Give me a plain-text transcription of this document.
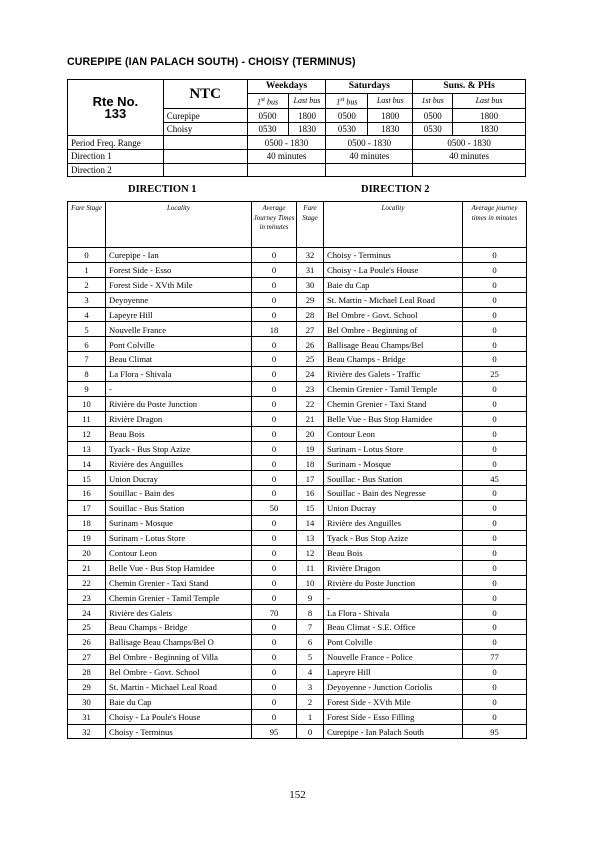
CUREPIPE (IAN PALACH SOUTH) - CHOISY (TERMINUS)
Rte No.
133	NTC	Weekdays		Saturdays		Suns. & PHs	
		1st bus	Last bus	1st bus	Last bus	1st bus	Last bus
	Curepipe	0500	1800	0500	1800	0500	1800
	Choisy	0530	1830	0530	1830	0530	1830
Period Freq. Range		0500 - 1830		0500 - 1830		0500 - 1830	
Direction 1		40 minutes		40 minutes		40 minutes	
Direction 2							
DIRECTION 1	DIRECTION 2
Fare Stage	Locality	Average Journey Times in minutes	Fare Stage	Locality	Average journey times in minutes
0	Curepipe - Ian	0	32	Choisy - Terminus	0
1	Forest Side - Esso	0	31	Choisy - La Poule's House	0
2	Forest Side - XVth Mile	0	30	Baie du Cap	0
3	Deyoyenne	0	29	St. Martin - Michael Leal Road	0
4	Lapeyre Hill	0	28	Bel Ombre - Govt. School	0
5	Nouvelle France	18	27	Bel Ombre - Beginning of	0
6	Pont Colville	0	26	Ballisage Beau Champs/Bel	0
7	Beau Climat	0	25	Beau Champs - Bridge	0
8	La Flora - Shivala	0	24	Rivière des Galets - Traffic	25
9	-	0	23	Chemin Grenier - Tamil Temple	0
10	Rivière du Poste Junction	0	22	Chemin Grenier - Taxi Stand	0
11	Rivière Dragon	0	21	Belle Vue - Bus Stop Hamidee	0
12	Beau Bois	0	20	Contour Leon	0
13	Tyack - Bus Stop Azize	0	19	Surinam - Lotus Store	0
14	Rivière des Anguilles	0	18	Surinam - Mosque	0
15	Union Ducray	0	17	Souillac - Bus Station	45
16	Souillac - Bain des	0	16	Souillac - Bain des Negresse	0
17	Souillac - Bus Station	50	15	Union Ducray	0
18	Surinam - Mosque	0	14	Rivière des Anguilles	0
19	Surinam - Lotus Store	0	13	Tyack - Bus Stop Azize	0
20	Contour Leon	0	12	Beau Bois	0
21	Belle Vue - Bus Stop Hamidee	0	11	Rivière Dragon	0
22	Chemin Grenier - Taxi Stand	0	10	Rivière du Poste Junction	0
23	Chemin Grenier - Tamil Temple	0	9	-	0
24	Rivière des Galets	70	8	La Flora - Shivala	0
25	Beau Champs - Bridge	0	7	Beau Climat - S.E. Office	0
26	Ballisage Beau Champs/Bel O	0	6	Pont Colville	0
27	Bel Ombre - Beginning of Villa	0	5	Nouvelle France - Police	77
28	Bel Ombre - Govt. School	0	4	Lapeyre Hill	0
29	St. Martin - Michael Leal Road	0	3	Deyoyenne - Junction Coriolis	0
30	Baie du Cap	0	2	Forest Side - XVth Mile	0
31	Choisy - La Poule's House	0	1	Forest Side - Esso Filling	0
32	Choisy - Terminus	95	0	Curepipe - Ian Palach South	95
152
